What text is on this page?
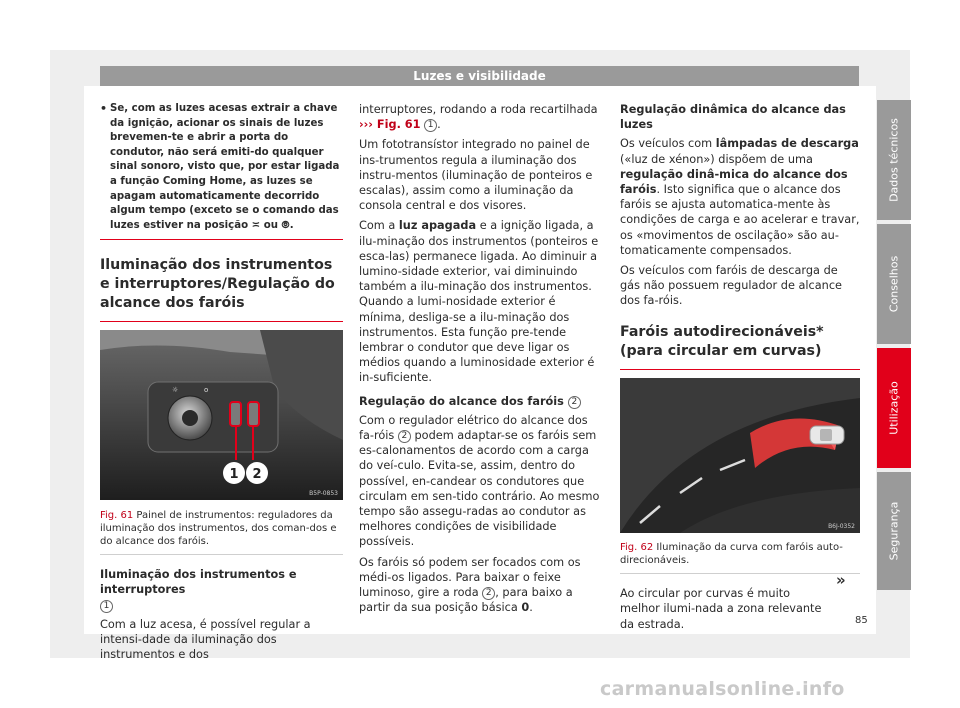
Luzes e visibilidade

• Se, com as luzes acesas extrair a chave da ignição, acionar os sinais de luzes brevemen-te e abrir a porta do condutor, não será emiti-do qualquer sinal sonoro, visto que, por estar ligada a função Coming Home, as luzes se apagam automaticamente decorrido algum tempo (exceto se o comando das luzes estiver na posição ≍ ou ⦾.

Iluminação dos instrumentos e interruptores/Regulação do alcance dos faróis
☼	o
1 2
B5P-0853
Fig. 61 Painel de instrumentos: reguladores da iluminação dos instrumentos, dos coman-dos e do alcance dos faróis.
Iluminação dos instrumentos e interruptores
1

Com a luz acesa, é possível regular a intensi-dade da iluminação dos instrumentos e dos

interruptores, rodando a roda recartilhada
››› Fig. 61 1 .

Um fototransístor integrado no painel de ins-trumentos regula a iluminação dos instru-mentos (iluminação de ponteiros e escalas), assim como a iluminação da consola central e dos visores.

Com a luz apagada e a ignição ligada, a ilu-minação dos instrumentos (ponteiros e esca-las) permanece ligada. Ao diminuir a lumino-sidade exterior, vai diminuindo também a ilu-minação dos instrumentos. Quando a lumi-nosidade exterior é mínima, desliga-se a ilu-minação dos instrumentos. Esta função pre-tende lembrar o condutor que deve ligar os médios quando a luminosidade exterior é in-suficiente.

Regulação do alcance dos faróis 2

Com o regulador elétrico do alcance dos fa-róis 2 podem adaptar-se os faróis sem es-calonamentos de acordo com a carga do veí-culo. Evita-se, assim, dentro do possível, en-candear os condutores que circulam em sen-tido contrário. Ao mesmo tempo são assegu-radas ao condutor as melhores condições de visibilidade possíveis.

Os faróis só podem ser focados com os médi-os ligados. Para baixar o feixe luminoso, gire a roda 2 , para baixo a partir da sua posição básica 0.

Regulação dinâmica do alcance das luzes

Os veículos com lâmpadas de descarga («luz de xénon») dispõem de uma regulação dinâ-mica do alcance dos faróis. Isto significa que o alcance dos faróis se ajusta automatica-mente às condições de carga e ao acelerar e travar, os «movimentos de oscilação» são au-tomaticamente compensados.

Os veículos com faróis de descarga de gás não possuem regulador de alcance dos fa-róis.

Faróis autodirecionáveis* (para circular em curvas)
B6J-0352
Fig. 62 Iluminação da curva com faróis auto-direcionáveis.

Ao circular por curvas é muito melhor ilumi-nada a zona relevante da estrada.

»
Dados técnicos
Conselhos
Utilização
Segurança
85
carmanualsonline.info
